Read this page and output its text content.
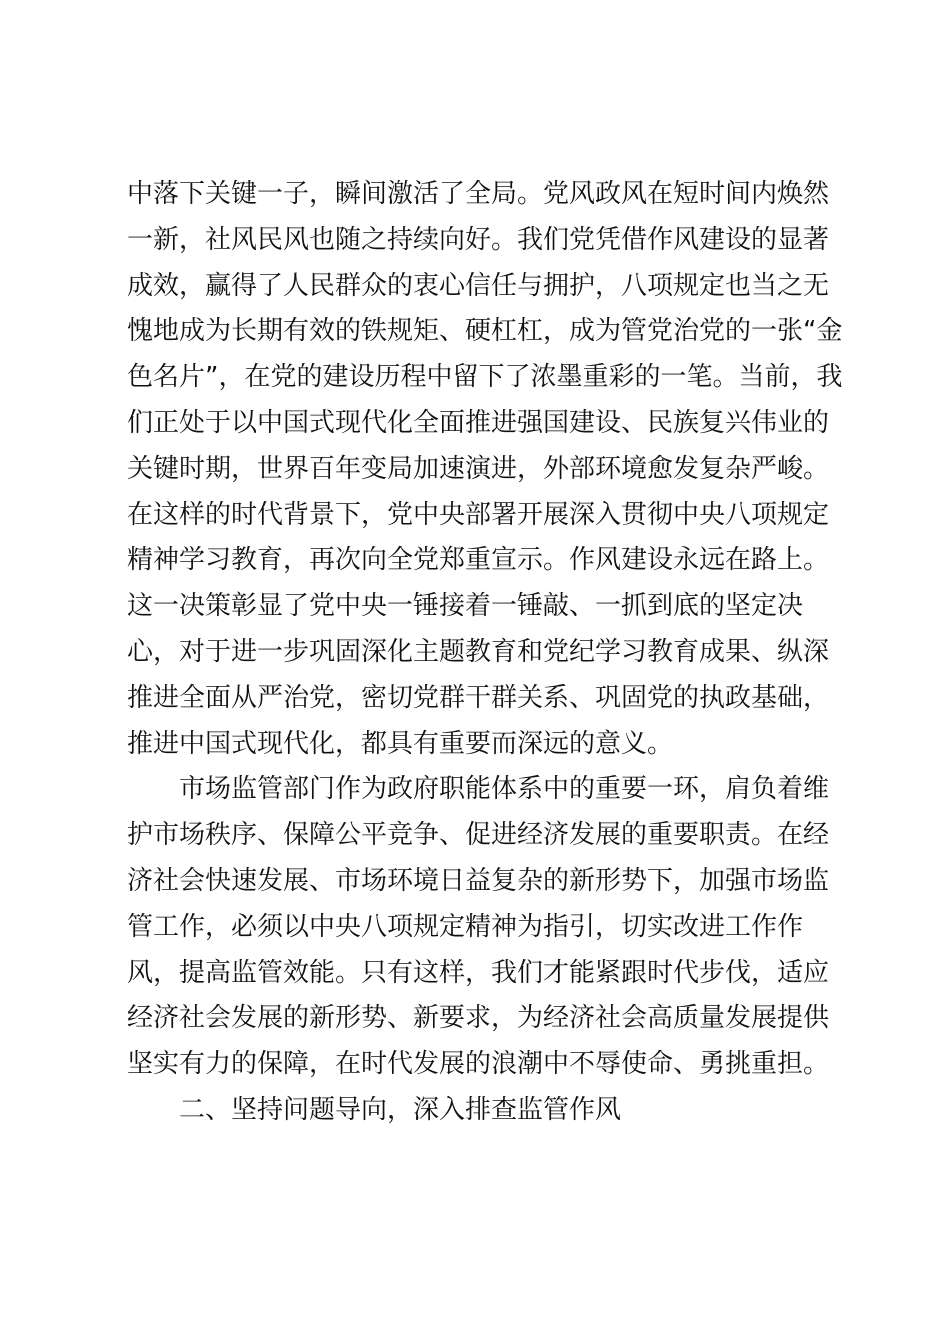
中落下关键一子，瞬间激活了全局。党风政风在短时间内焕然
一新，社风民风也随之持续向好。我们党凭借作风建设的显著
成效，赢得了人民群众的衷心信任与拥护，八项规定也当之无
愧地成为长期有效的铁规矩、硬杠杠，成为管党治党的一张“金
色名片”，在党的建设历程中留下了浓墨重彩的一笔。当前，我
们正处于以中国式现代化全面推进强国建设、民族复兴伟业的
关键时期，世界百年变局加速演进，外部环境愈发复杂严峻。
在这样的时代背景下，党中央部署开展深入贯彻中央八项规定
精神学习教育，再次向全党郑重宣示。作风建设永远在路上。
这一决策彰显了党中央一锤接着一锤敲、一抓到底的坚定决
心，对于进一步巩固深化主题教育和党纪学习教育成果、纵深
推进全面从严治党，密切党群干群关系、巩固党的执政基础，
推进中国式现代化，都具有重要而深远的意义。
市场监管部门作为政府职能体系中的重要一环，肩负着维
护市场秩序、保障公平竞争、促进经济发展的重要职责。在经
济社会快速发展、市场环境日益复杂的新形势下，加强市场监
管工作，必须以中央八项规定精神为指引，切实改进工作作
风，提高监管效能。只有这样，我们才能紧跟时代步伐，适应
经济社会发展的新形势、新要求，为经济社会高质量发展提供
坚实有力的保障，在时代发展的浪潮中不辱使命、勇挑重担。
二、坚持问题导向，深入排查监管作风
